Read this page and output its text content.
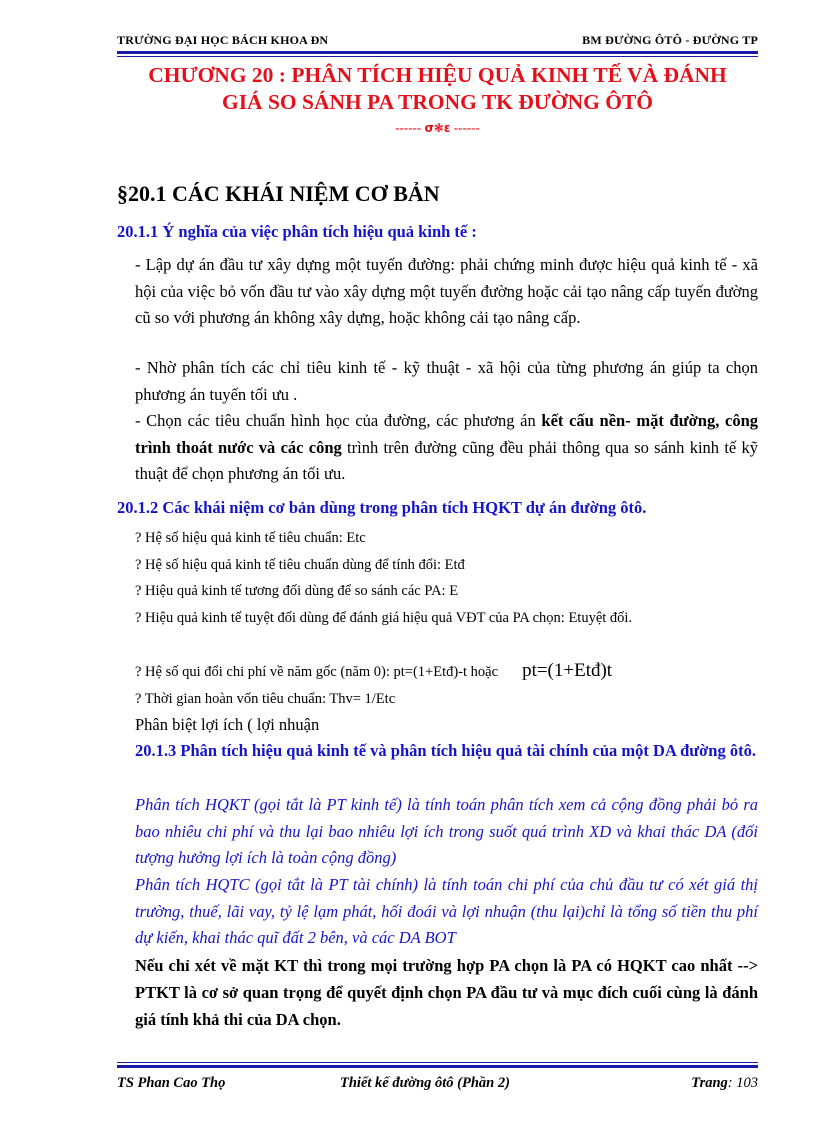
TRƯỜNG ĐẠI HỌC BÁCH KHOA ĐN	BM ĐƯỜNG ÔTÔ - ĐƯỜNG TP
CHƯƠNG 20 : PHÂN TÍCH HIỆU QUẢ KINH TẾ VÀ ĐÁNH
GIÁ SO SÁNH PA TRONG TK ĐƯỜNG ÔTÔ
------ σ❃ε ------
§20.1 CÁC KHÁI NIỆM CƠ BẢN
20.1.1 Ý nghĩa của việc phân tích hiệu quả kinh tế :

- Lập dự án đầu tư xây dựng một tuyến đường: phải chứng minh được hiệu quả kinh tế - xã hội của việc bỏ vốn đầu tư vào xây dựng một tuyến đường hoặc cải tạo nâng cấp tuyến đường cũ so với phương án không xây dựng, hoặc không cải tạo nâng cấp.

- Nhờ phân tích các chỉ tiêu kinh tế - kỹ thuật - xã hội của từng phương án giúp ta chọn phương án tuyến tối ưu .

- Chọn các tiêu chuẩn hình học của đường, các phương án kết cấu nền- mặt đường, công trình thoát nước và các công trình trên đường cũng đều phải thông qua so sánh kinh tế kỹ thuật để chọn phương án tối ưu.

20.1.2 Các khái niệm cơ bản dùng trong phân tích HQKT dự án đường ôtô.

? Hệ số hiệu quả kinh tế tiêu chuẩn: Etc

? Hệ số hiệu quả kinh tế tiêu chuẩn dùng để tính đổi: Etđ

? Hiệu quả kinh tế tương đối dùng để so sánh các PA: E

? Hiệu quả kinh tế tuyệt đối dùng để đánh giá hiệu quả VĐT của PA chọn: Etuyệt đối.

? Hệ số qui đổi chi phí về năm gốc (năm 0): pt=(1+Etđ)-t hoặc pt=(1+Etđ)t

? Thời gian hoàn vốn tiêu chuẩn: Thv= 1/Etc

Phân biệt lợi ích ( lợi nhuận

20.1.3 Phân tích hiệu quả kinh tế và phân tích hiệu quả tài chính của một DA đường ôtô.

Phân tích HQKT (gọi tắt là PT kinh tế) là tính toán phân tích xem cả cộng đồng phải bỏ ra bao nhiêu chi phí và thu lại bao nhiêu lợi ích trong suốt quá trình XD và khai thác DA (đối tượng hưởng lợi ích là toàn cộng đồng)

Phân tích HQTC (gọi tắt là PT tài chính) là tính toán chi phí của chủ đầu tư có xét giá thị trường, thuế, lãi vay, tỷ lệ lạm phát, hối đoái và lợi nhuận (thu lại)chỉ là tổng số tiền thu phí dự kiến, khai thác quĩ đất 2 bên, và các DA BOT

Nếu chỉ xét về mặt KT thì trong mọi trường hợp PA chọn là PA có HQKT cao nhất --> PTKT là cơ sở quan trọng để quyết định chọn PA đầu tư và mục đích cuối cùng là đánh giá tính khả thi của DA chọn.

TS Phan Cao Thọ	Thiết kế đường ôtô (Phần 2)	Trang: 103
